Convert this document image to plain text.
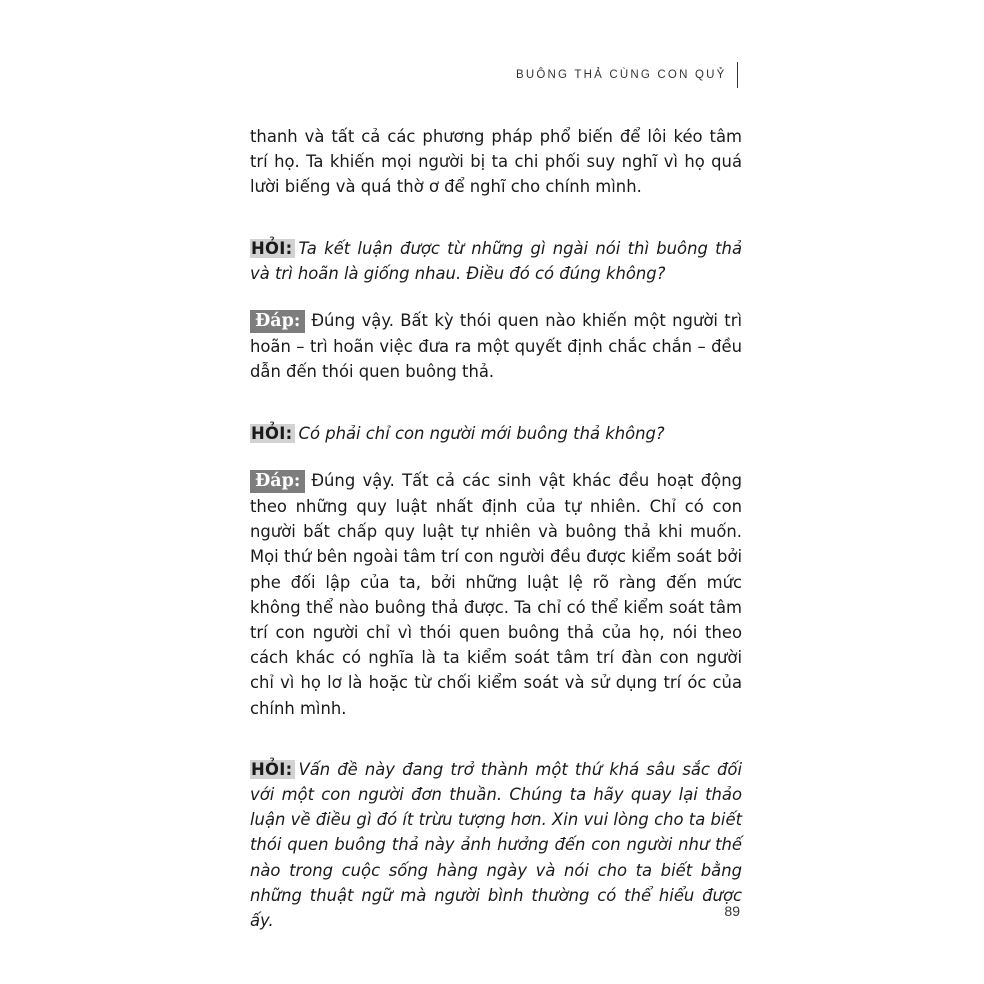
BUÔNG THẢ CÙNG CON QUỶ

thanh và tất cả các phương pháp phổ biến để lôi kéo tâm trí họ. Ta khiến mọi người bị ta chi phối suy nghĩ vì họ quá lười biếng và quá thờ ơ để nghĩ cho chính mình.

HỎI: Ta kết luận được từ những gì ngài nói thì buông thả và trì hoãn là giống nhau. Điều đó có đúng không?

Đáp: Đúng vậy. Bất kỳ thói quen nào khiến một người trì hoãn – trì hoãn việc đưa ra một quyết định chắc chắn – đều dẫn đến thói quen buông thả.

HỎI: Có phải chỉ con người mới buông thả không?

Đáp: Đúng vậy. Tất cả các sinh vật khác đều hoạt động theo những quy luật nhất định của tự nhiên. Chỉ có con người bất chấp quy luật tự nhiên và buông thả khi muốn. Mọi thứ bên ngoài tâm trí con người đều được kiểm soát bởi phe đối lập của ta, bởi những luật lệ rõ ràng đến mức không thể nào buông thả được. Ta chỉ có thể kiểm soát tâm trí con người chỉ vì thói quen buông thả của họ, nói theo cách khác có nghĩa là ta kiểm soát tâm trí đàn con người chỉ vì họ lơ là hoặc từ chối kiểm soát và sử dụng trí óc của chính mình.

HỎI: Vấn đề này đang trở thành một thứ khá sâu sắc đối với một con người đơn thuần. Chúng ta hãy quay lại thảo luận về điều gì đó ít trừu tượng hơn. Xin vui lòng cho ta biết thói quen buông thả này ảnh hưởng đến con người như thế nào trong cuộc sống hàng ngày và nói cho ta biết bằng những thuật ngữ mà người bình thường có thể hiểu được ấy.

89
